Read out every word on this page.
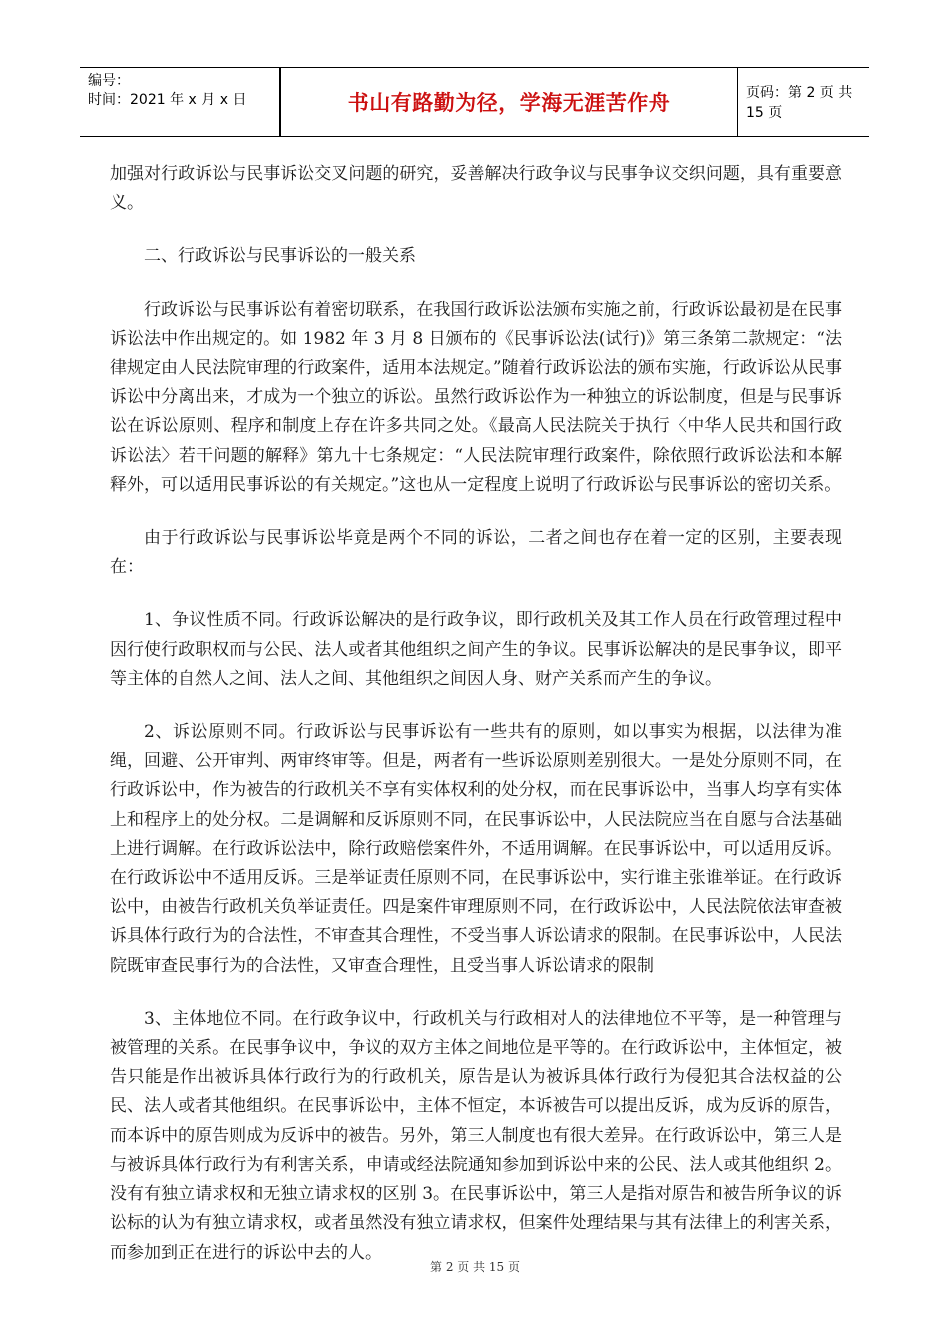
编号：
时间：2021 年 x 月 x 日	书山有路勤为径，学海无涯苦作舟	页码：第 2 页 共 15 页

加强对行政诉讼与民事诉讼交叉问题的研究，妥善解决行政争议与民事争议交织问题，具有重要意义。

二、行政诉讼与民事诉讼的一般关系

行政诉讼与民事诉讼有着密切联系，在我国行政诉讼法颁布实施之前，行政诉讼最初是在民事诉讼法中作出规定的。如 1982 年 3 月 8 日颁布的《民事诉讼法(试行)》第三条第二款规定：“法律规定由人民法院审理的行政案件，适用本法规定。”随着行政诉讼法的颁布实施，行政诉讼从民事诉讼中分离出来，才成为一个独立的诉讼。虽然行政诉讼作为一种独立的诉讼制度，但是与民事诉讼在诉讼原则、程序和制度上存在许多共同之处。《最高人民法院关于执行〈中华人民共和国行政诉讼法〉若干问题的解释》第九十七条规定：“人民法院审理行政案件，除依照行政诉讼法和本解释外，可以适用民事诉讼的有关规定。”这也从一定程度上说明了行政诉讼与民事诉讼的密切关系。

由于行政诉讼与民事诉讼毕竟是两个不同的诉讼，二者之间也存在着一定的区别，主要表现在：

1、争议性质不同。行政诉讼解决的是行政争议，即行政机关及其工作人员在行政管理过程中因行使行政职权而与公民、法人或者其他组织之间产生的争议。民事诉讼解决的是民事争议，即平等主体的自然人之间、法人之间、其他组织之间因人身、财产关系而产生的争议。

2、诉讼原则不同。行政诉讼与民事诉讼有一些共有的原则，如以事实为根据，以法律为准绳，回避、公开审判、两审终审等。但是，两者有一些诉讼原则差别很大。一是处分原则不同，在行政诉讼中，作为被告的行政机关不享有实体权利的处分权，而在民事诉讼中，当事人均享有实体上和程序上的处分权。二是调解和反诉原则不同，在民事诉讼中，人民法院应当在自愿与合法基础上进行调解。在行政诉讼法中，除行政赔偿案件外，不适用调解。在民事诉讼中，可以适用反诉。在行政诉讼中不适用反诉。三是举证责任原则不同，在民事诉讼中，实行谁主张谁举证。在行政诉讼中，由被告行政机关负举证责任。四是案件审理原则不同，在行政诉讼中，人民法院依法审查被诉具体行政行为的合法性，不审查其合理性，不受当事人诉讼请求的限制。在民事诉讼中，人民法院既审查民事行为的合法性，又审查合理性，且受当事人诉讼请求的限制

3、主体地位不同。在行政争议中，行政机关与行政相对人的法律地位不平等，是一种管理与被管理的关系。在民事争议中，争议的双方主体之间地位是平等的。在行政诉讼中，主体恒定，被告只能是作出被诉具体行政行为的行政机关，原告是认为被诉具体行政行为侵犯其合法权益的公民、法人或者其他组织。在民事诉讼中，主体不恒定，本诉被告可以提出反诉，成为反诉的原告，而本诉中的原告则成为反诉中的被告。另外，第三人制度也有很大差异。在行政诉讼中，第三人是与被诉具体行政行为有利害关系，申请或经法院通知参加到诉讼中来的公民、法人或其他组织 2。没有有独立请求权和无独立请求权的区别 3。在民事诉讼中，第三人是指对原告和被告所争议的诉讼标的认为有独立请求权，或者虽然没有独立请求权，但案件处理结果与其有法律上的利害关系，而参加到正在进行的诉讼中去的人。

第 2 页 共 15 页
